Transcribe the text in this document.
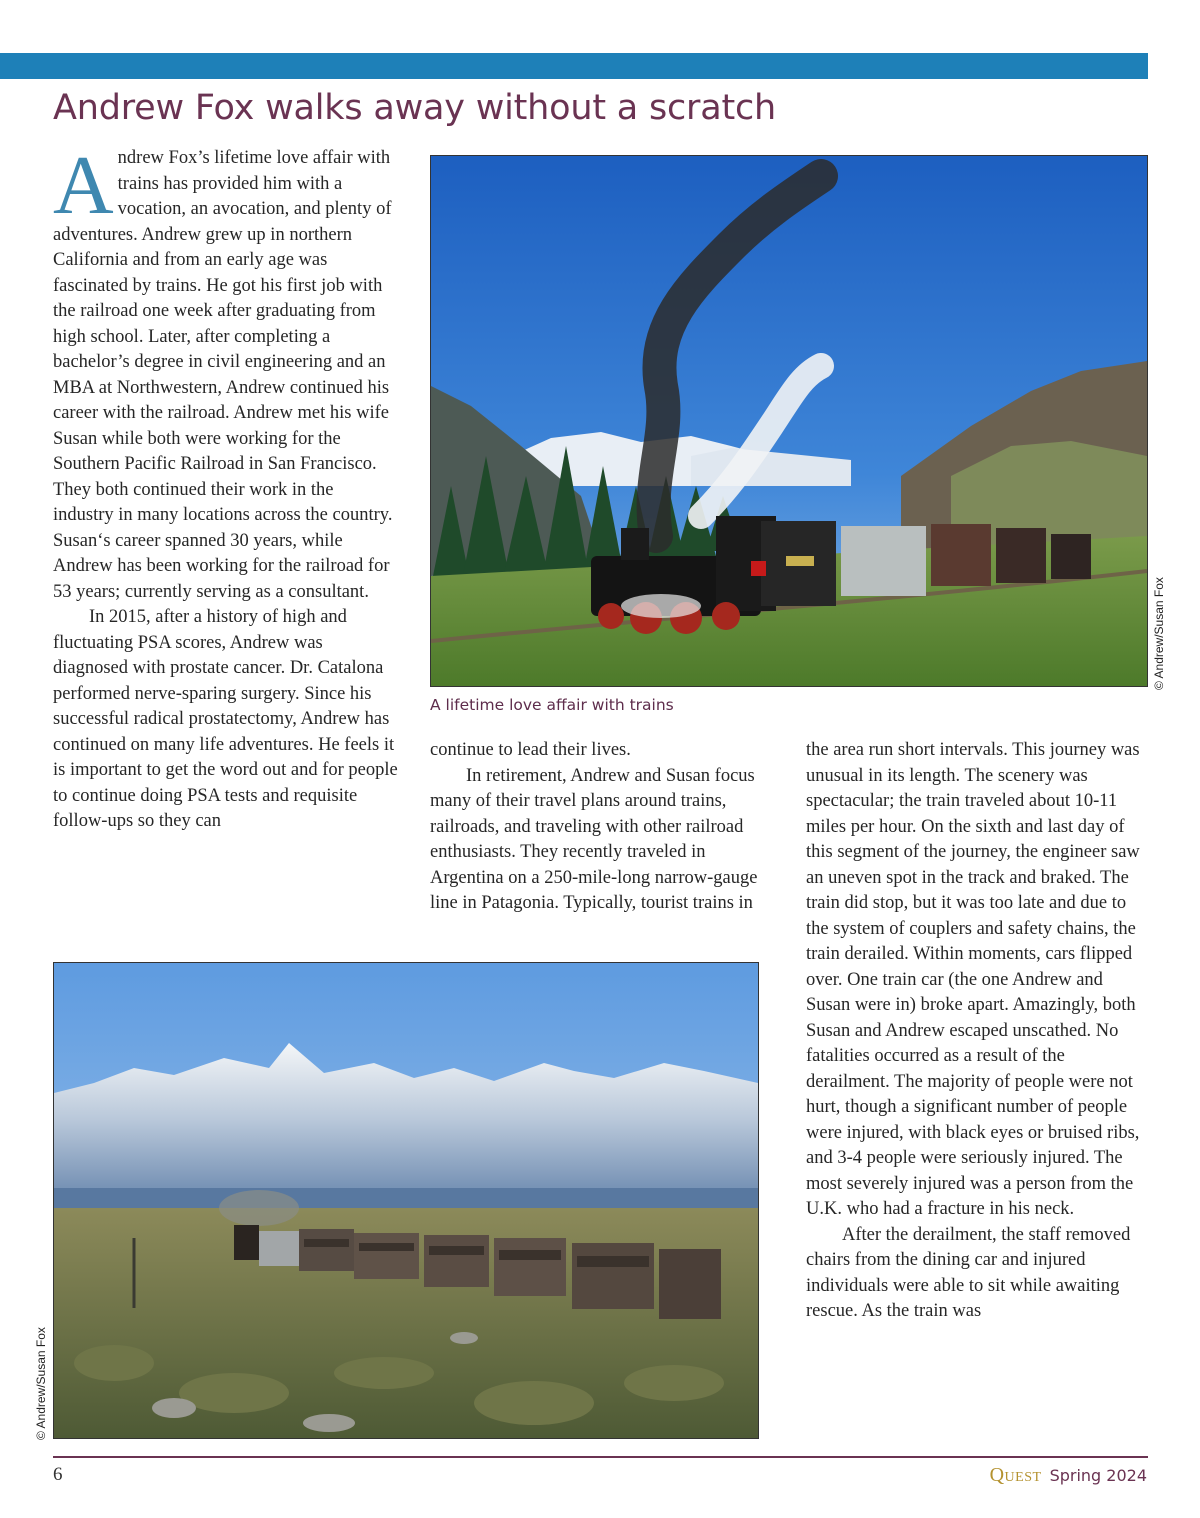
Andrew Fox walks away without a scratch

Andrew Fox’s lifetime love affair with trains has provided him with a vocation, an avocation, and plenty of adventures. Andrew grew up in northern California and from an early age was fascinated by trains. He got his first job with the railroad one week after graduating from high school. Later, after completing a bachelor’s degree in civil engineering and an MBA at Northwestern, Andrew continued his career with the railroad. Andrew met his wife Susan while both were working for the Southern Pacific Railroad in San Francisco. They both continued their work in the industry in many locations across the country. Susan‘s career spanned 30 years, while Andrew has been working for the railroad for 53 years; currently serving as a consultant.

In 2015, after a history of high and fluctuating PSA scores, Andrew was diagnosed with prostate cancer. Dr. Catalona performed nerve-sparing surgery. Since his successful radical prostatectomy, Andrew has continued on many life adventures. He feels it is important to get the word out and for people to continue doing PSA tests and requisite follow-ups so they can

A lifetime love affair with trains
© Andrew/Susan Fox

continue to lead their lives.

In retirement, Andrew and Susan focus many of their travel plans around trains, railroads, and traveling with other railroad enthusiasts. They recently traveled in Argentina on a 250-mile-long narrow-gauge line in Patagonia. Typically, tourist trains in

the area run short intervals. This journey was unusual in its length. The scenery was spectacular; the train traveled about 10-11 miles per hour. On the sixth and last day of this segment of the journey, the engineer saw an uneven spot in the track and braked. The train did stop, but it was too late and due to the system of couplers and safety chains, the train derailed. Within moments, cars flipped over. One train car (the one Andrew and Susan were in) broke apart. Amazingly, both Susan and Andrew escaped unscathed. No fatalities occurred as a result of the derailment. The majority of people were not hurt, though a significant number of people were injured, with black eyes or bruised ribs, and 3-4 people were seriously injured. The most severely injured was a person from the U.K. who had a fracture in his neck.

After the derailment, the staff removed chairs from the dining car and injured individuals were able to sit while awaiting rescue. As the train was

© Andrew/Susan Fox
6	Quest Spring 2024
